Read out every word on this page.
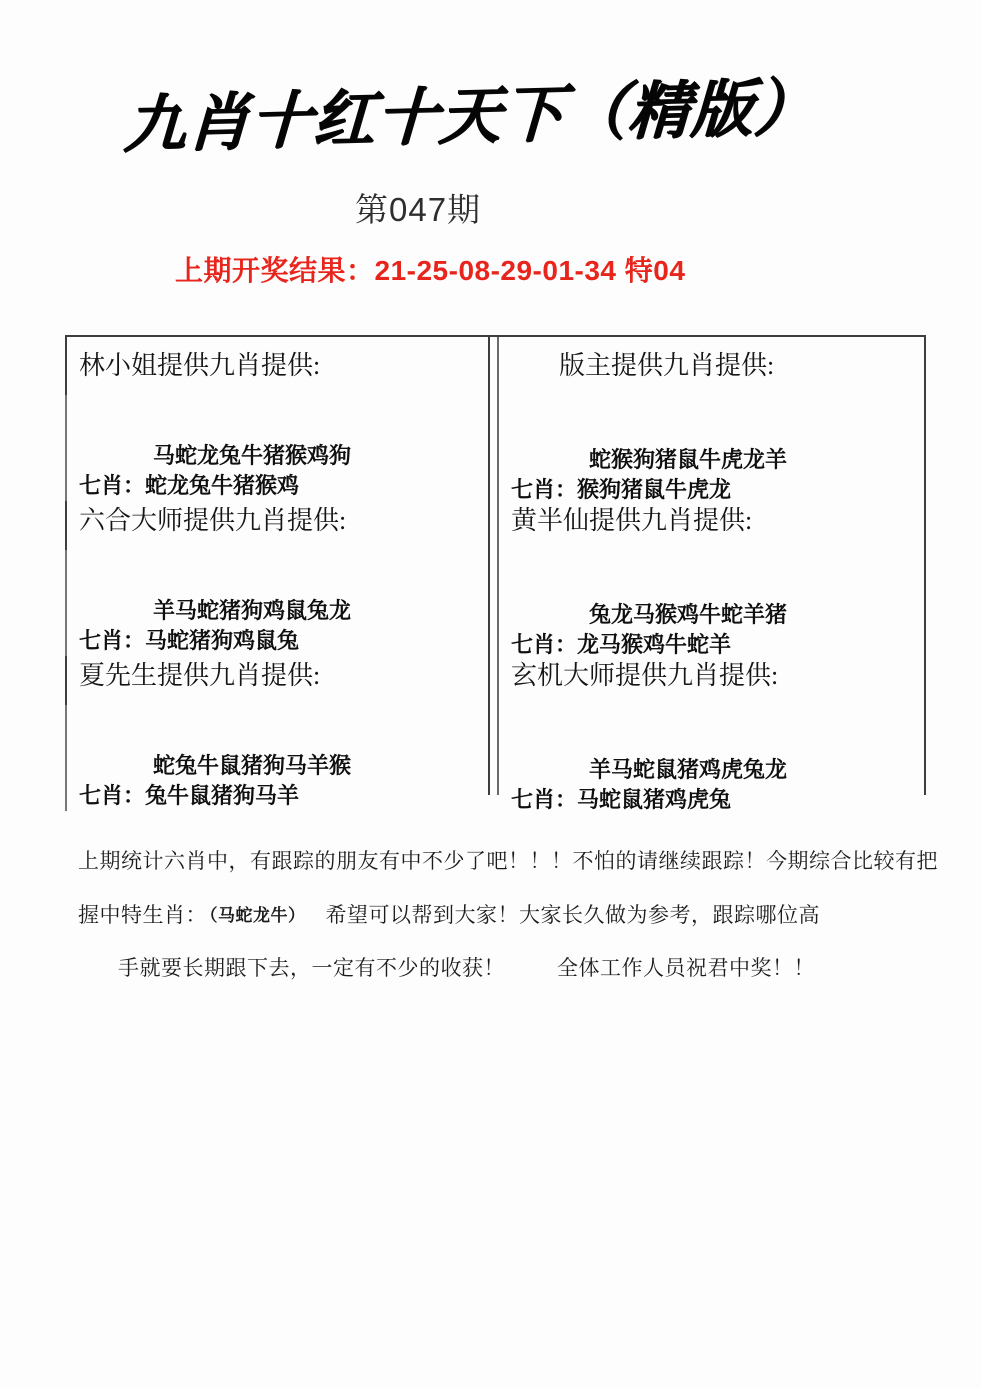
九肖十红十天下（精版）
第047期
上期开奖结果：21-25-08-29-01-34 特04
林小姐提供九肖提供:
马蛇龙兔牛猪猴鸡狗
七肖：蛇龙兔牛猪猴鸡
六合大师提供九肖提供:
羊马蛇猪狗鸡鼠兔龙
七肖：马蛇猪狗鸡鼠兔
夏先生提供九肖提供:
蛇兔牛鼠猪狗马羊猴
七肖：兔牛鼠猪狗马羊
版主提供九肖提供:
蛇猴狗猪鼠牛虎龙羊
七肖：猴狗猪鼠牛虎龙
黄半仙提供九肖提供:
兔龙马猴鸡牛蛇羊猪
七肖：龙马猴鸡牛蛇羊
玄机大师提供九肖提供:
羊马蛇鼠猪鸡虎兔龙
七肖：马蛇鼠猪鸡虎兔
上期统计六肖中，有跟踪的朋友有中不少了吧！！！不怕的请继续跟踪！今期综合比较有把
握中特生肖： （马蛇龙牛） 希望可以帮到大家！大家长久做为参考，跟踪哪位高
手就要长期跟下去，一定有不少的收获！ 全体工作人员祝君中奖！！
